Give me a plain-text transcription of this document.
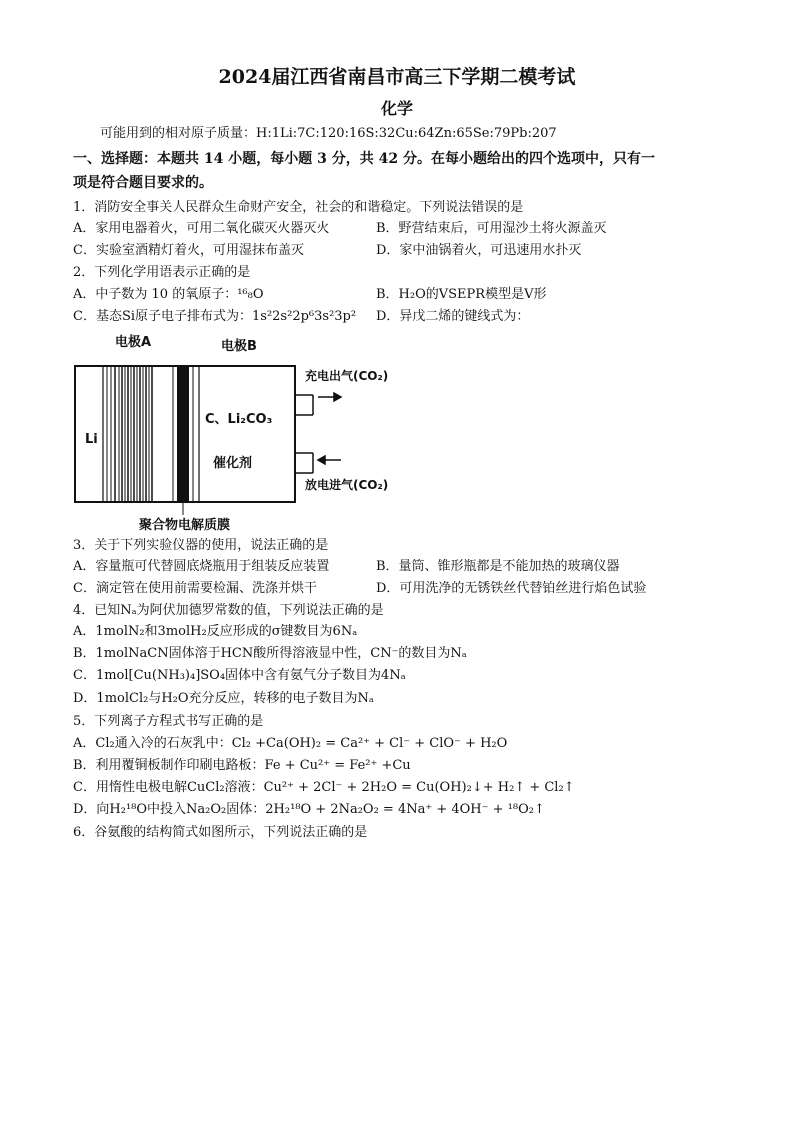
2024届江西省南昌市高三下学期二模考试
化学
可能用到的相对原子质量：H:1Li:7C:120:16S:32Cu:64Zn:65Se:79Pb:207
一、选择题：本题共 14 小题，每小题 3 分，共 42 分。在每小题给出的四个选项中，只有一
项是符合题目要求的。
1．消防安全事关人民群众生命财产安全，社会的和谐稳定。下列说法错误的是
A．家用电器着火，可用二氧化碳灭火器灭火	B．野营结束后，可用湿沙土将火源盖灭
C．实验室酒精灯着火，可用湿抹布盖灭	D．家中油锅着火，可迅速用水扑灭
2．下列化学用语表示正确的是
A．中子数为 10 的氧原子：¹⁶₈O	B．H₂O的VSEPR模型是V形
C．基态Si原子电子排布式为：1s²2s²2p⁶3s²3p² D．异戊二烯的键线式为：
电极A	电极B
Li
C、Li₂CO₃
催化剂
充电出气(CO₂)
放电进气(CO₂)
聚合物电解质膜
3．关于下列实验仪器的使用，说法正确的是
A．容量瓶可代替圆底烧瓶用于组装反应装置	B．量筒、锥形瓶都是不能加热的玻璃仪器
C．滴定管在使用前需要检漏、洗涤并烘干	D．可用洗净的无锈铁丝代替铂丝进行焰色试验
4．已知Nₐ为阿伏加德罗常数的值，下列说法正确的是
A．1molN₂和3molH₂反应形成的σ键数目为6Nₐ
B．1molNaCN固体溶于HCN酸所得溶液显中性，CN⁻的数目为Nₐ
C．1mol[Cu(NH₃)₄]SO₄固体中含有氨气分子数目为4Nₐ
D．1molCl₂与H₂O充分反应，转移的电子数目为Nₐ
5．下列离子方程式书写正确的是
A．Cl₂通入冷的石灰乳中：Cl₂ +Ca(OH)₂ = Ca²⁺ + Cl⁻ + ClO⁻ + H₂O
B．利用覆铜板制作印刷电路板：Fe + Cu²⁺ = Fe²⁺ +Cu
C．用惰性电极电解CuCl₂溶液：Cu²⁺ + 2Cl⁻ + 2H₂O = Cu(OH)₂↓+ H₂↑ + Cl₂↑
D．向H₂¹⁸O中投入Na₂O₂固体：2H₂¹⁸O + 2Na₂O₂ = 4Na⁺ + 4OH⁻ + ¹⁸O₂↑
6．谷氨酸的结构简式如图所示，下列说法正确的是
